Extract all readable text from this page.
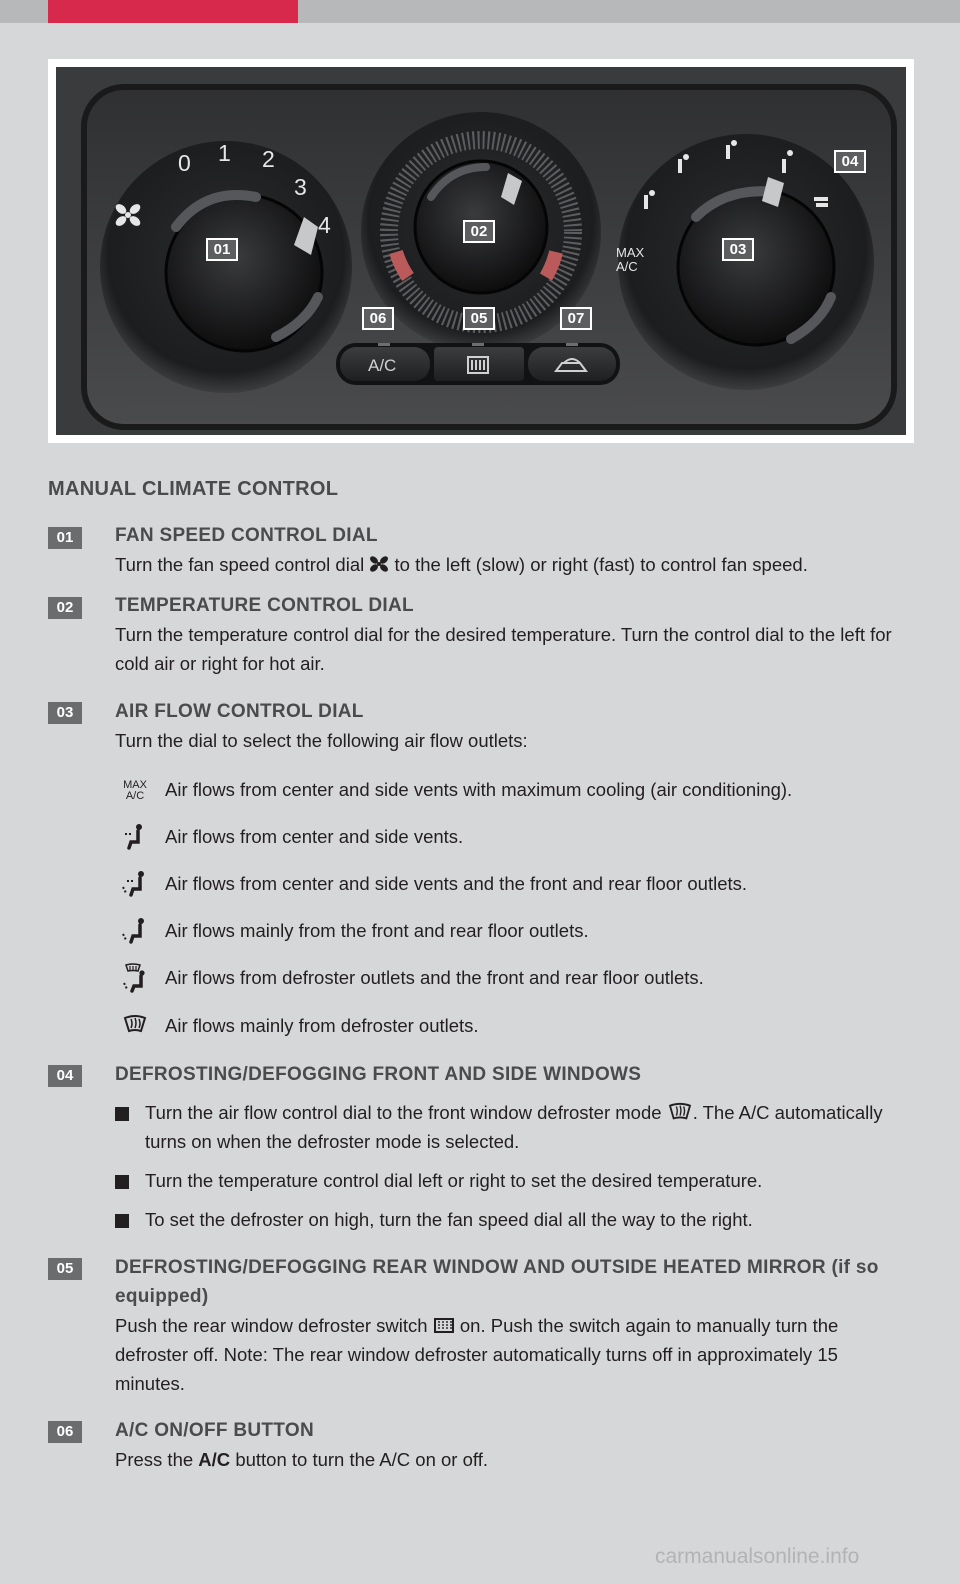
0 1 2
3
4
MAX A/C
A/C
01
02
03
04
05
06	07
MANUAL CLIMATE CONTROL
01	FAN SPEED CONTROL DIAL

Turn the fan speed control dial to the left (slow) or right (fast) to control fan speed.

02	TEMPERATURE CONTROL DIAL

Turn the temperature control dial for the desired temperature. Turn the control dial to the left for cold air or right for hot air.

03	AIR FLOW CONTROL DIAL

Turn the dial to select the following air flow outlets:

MAX
A/C	Air flows from center and side vents with maximum cooling (air conditioning).
Air flows from center and side vents.
Air flows from center and side vents and the front and rear floor outlets.
Air flows mainly from the front and rear floor outlets.
Air flows from defroster outlets and the front and rear floor outlets.
Air flows mainly from defroster outlets.
04	DEFROSTING/DEFOGGING FRONT AND SIDE WINDOWS
Turn the air flow control dial to the front window defroster mode . The A/C automatically turns on when the defroster mode is selected.
Turn the temperature control dial left or right to set the desired temperature.
To set the defroster on high, turn the fan speed dial all the way to the right.
05	DEFROSTING/DEFOGGING REAR WINDOW AND OUTSIDE HEATED MIRROR (if so equipped)

Push the rear window defroster switch on. Push the switch again to manually turn the defroster off. Note: The rear window defroster automatically turns off in approximately 15 minutes.

06	A/C ON/OFF BUTTON

Press the A/C button to turn the A/C on or off.

carmanualsonline.info
